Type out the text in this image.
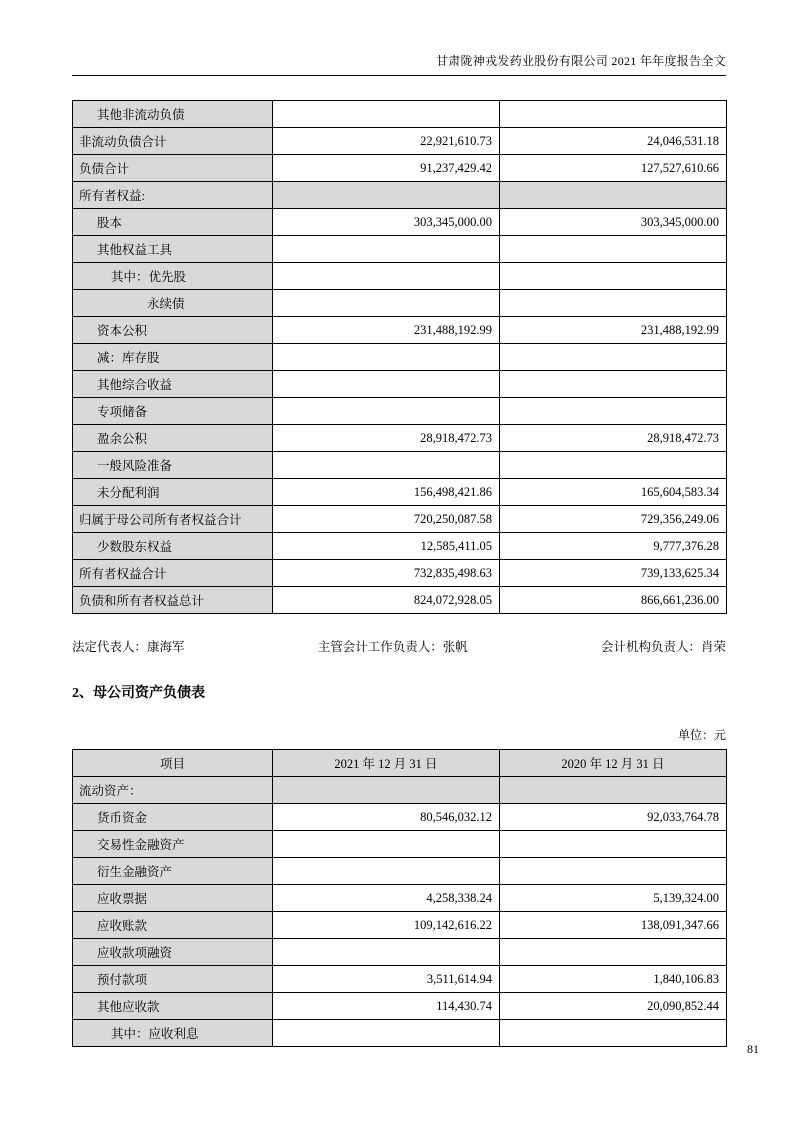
甘肃陇神戎发药业股份有限公司 2021 年年度报告全文
其他非流动负债		
非流动负债合计	22,921,610.73	24,046,531.18
负债合计	91,237,429.42	127,527,610.66
所有者权益:		
股本	303,345,000.00	303,345,000.00
其他权益工具		
其中：优先股		
永续债		
资本公积	231,488,192.99	231,488,192.99
减：库存股		
其他综合收益		
专项储备		
盈余公积	28,918,472.73	28,918,472.73
一般风险准备		
未分配利润	156,498,421.86	165,604,583.34
归属于母公司所有者权益合计	720,250,087.58	729,356,249.06
少数股东权益	12,585,411.05	9,777,376.28
所有者权益合计	732,835,498.63	739,133,625.34
负债和所有者权益总计	824,072,928.05	866,661,236.00
法定代表人：康海军	主管会计工作负责人：张帆	会计机构负责人：肖荣
2、母公司资产负债表
单位：元
项目	2021 年 12 月 31 日	2020 年 12 月 31 日
流动资产：		
货币资金	80,546,032.12	92,033,764.78
交易性金融资产		
衍生金融资产		
应收票据	4,258,338.24	5,139,324.00
应收账款	109,142,616.22	138,091,347.66
应收款项融资		
预付款项	3,511,614.94	1,840,106.83
其他应收款	114,430.74	20,090,852.44
其中：应收利息		
81
